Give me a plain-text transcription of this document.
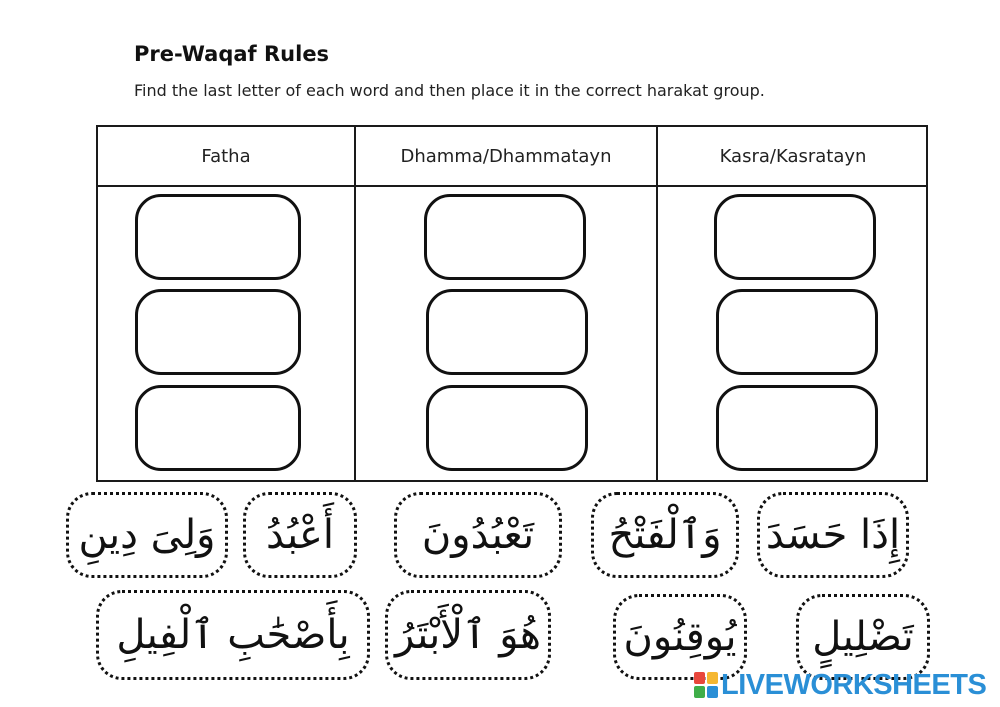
Pre-Waqaf Rules
Find the last letter of each word and then place it in the correct harakat group.
Fatha	Dhamma/Dhammatayn	Kasra/Kasratayn
وَلِىَ دِينِ	أَعْبُدُ	تَعْبُدُونَ	وَٱلْفَتْحُ	إِذَا حَسَدَ
بِأَصْحَٰبِ ٱلْفِيلِ	هُوَ ٱلْأَبْتَرُ يُوقِنُونَ	تَضْلِيلٍ
LIVEWORKSHEETS
